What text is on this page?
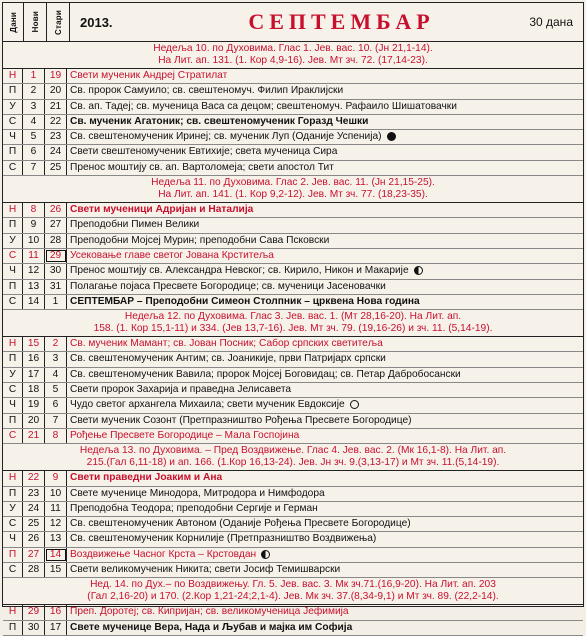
Дани Нови Стари 2013.	СЕПТЕМБАР	30 дана
Недеља 10. по Духовима. Глас 1. Јев. вас. 10. (Јн 21,1-14).
На Лит. ап. 131. (1. Кор 4,9-16). Јев. Мт зч. 72. (17,14-23).
Н	1	19 Свети мученик Андреј Стратилат
П	2	20 Св. пророк Самуило; св. свештеномуч. Филип Ираклијски
У	3	21 Св. ап. Тадеј; св. мученица Васа са децом; свештеномуч. Рафаило Шишатовачки
С	4	22 Св. мученик Агатоник; св. свештеномученик Горазд Чешки
Ч	5	23 Св. свештеномученик Иринеј; св. мученик Луп (Оданије Успенија)
П	6	24 Свети свештеномученик Евтихије; света мученица Сира
С	7	25 Пренос моштију св. ап. Вартоломеја; свети апостол Тит
Недеља 11. по Духовима. Глас 2. Јев. вас. 11. (Јн 21,15-25).
На Лит. ап. 141. (1. Кор 9,2-12). Јев. Мт зч. 77. (18,23-35).
Н	8	26 Свети мученици Адријан и Наталија
П	9	27 Преподобни Пимен Велики
У	10	28 Преподобни Мојсеј Мурин; преподобни Сава Псковски
С	11	29 Усековање главе светог Јована Крститеља
Ч	12	30 Пренос моштију св. Александра Невског; св. Кирило, Никон и Макарије
П	13	31 Полагање појаса Пресвете Богородице; св. мученици Јасеновачки
С	14	1	СЕПТЕМБАР – Преподобни Симеон Столпник – црквена Нова година
Недеља 12. по Духовима. Глас 3. Јев. вас. 1. (Мт 28,16-20). На Лит. ап.
158. (1. Кор 15,1-11) и 334. (Јев 13,7-16). Јев. Мт зч. 79. (19,16-26) и зч. 11. (5,14-19).
Н	15	2	Св. мученик Мамант; св. Јован Посник; Сабор српских светитеља
П	16	3	Св. свештеномученик Антим; св. Јоаникије, први Патријарх српски
У	17	4	Св. свештеномученик Вавила; пророк Мојсеј Боговидац; св. Петар Дабробосански
С	18	5	Свети пророк Захарија и праведна Јелисавета
Ч	19	6	Чудо светог архангела Михаила; свети мученик Евдоксије
П	20	7	Свети мученик Созонт (Претпразништво Рођења Пресвете Богородице)
С	21	8	Рођење Пресвете Богородице – Мала Госпојина
Недеља 13. по Духовима. – Пред Воздвижење. Глас 4. Јев. вас. 2. (Мк 16,1-8). На Лит. ап.
215.(Гал 6,11-18) и ап. 166. (1.Кор 16,13-24). Јев. Јн зч. 9.(3,13-17) и Мт зч. 11.(5,14-19).
Н	22	9	Свети праведни Јоаким и Ана
П	23	10 Свете мученице Минодора, Митродора и Нимфодора
У	24	11 Преподобна Теодора; преподобни Сергије и Герман
С	25	12 Св. свештеномученик Автоном (Оданије Рођења Пресвете Богородице)
Ч	26	13 Св. свештеномученик Корнилије (Претпразништво Воздвижења)
П	27	14 Воздвижење Часног Крста – Крстовдан
С	28	15 Свети великомученик Никита; свети Јосиф Темишварски
Нед. 14. по Дух.– по Воздвижењу. Гл. 5. Јев. вас. 3. Мк зч.71.(16,9-20). На Лит. ап. 203
(Гал 2,16-20) и 170. (2.Кор 1,21-24;2,1-4). Јев. Мк зч. 37.(8,34-9,1) и Мт зч. 89. (22,2-14).
Н	29	16 Преп. Доротеј; св. Кипријан; св. великомученица Јефимија
П	30	17 Свете мученице Вера, Нада и Љубав и мајка им Софија
